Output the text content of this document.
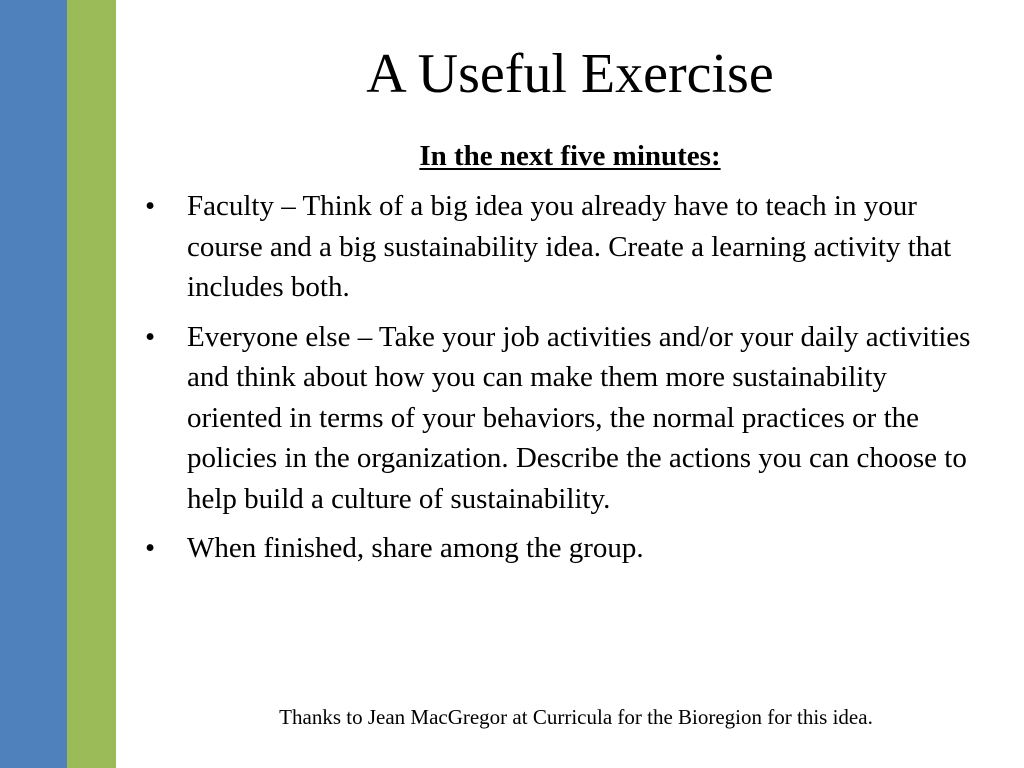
A Useful Exercise
In the next five minutes:
•	Faculty – Think of a big idea you already have to teach in your course and a big sustainability idea. Create a learning activity that includes both.
•	Everyone else – Take your job activities and/or your daily activities and think about how you can make them more sustainability oriented in terms of your behaviors, the normal practices or the policies in the organization. Describe the actions you can choose to help build a culture of sustainability.
•	When finished, share among the group.
Thanks to Jean MacGregor at Curricula for the Bioregion for this idea.
